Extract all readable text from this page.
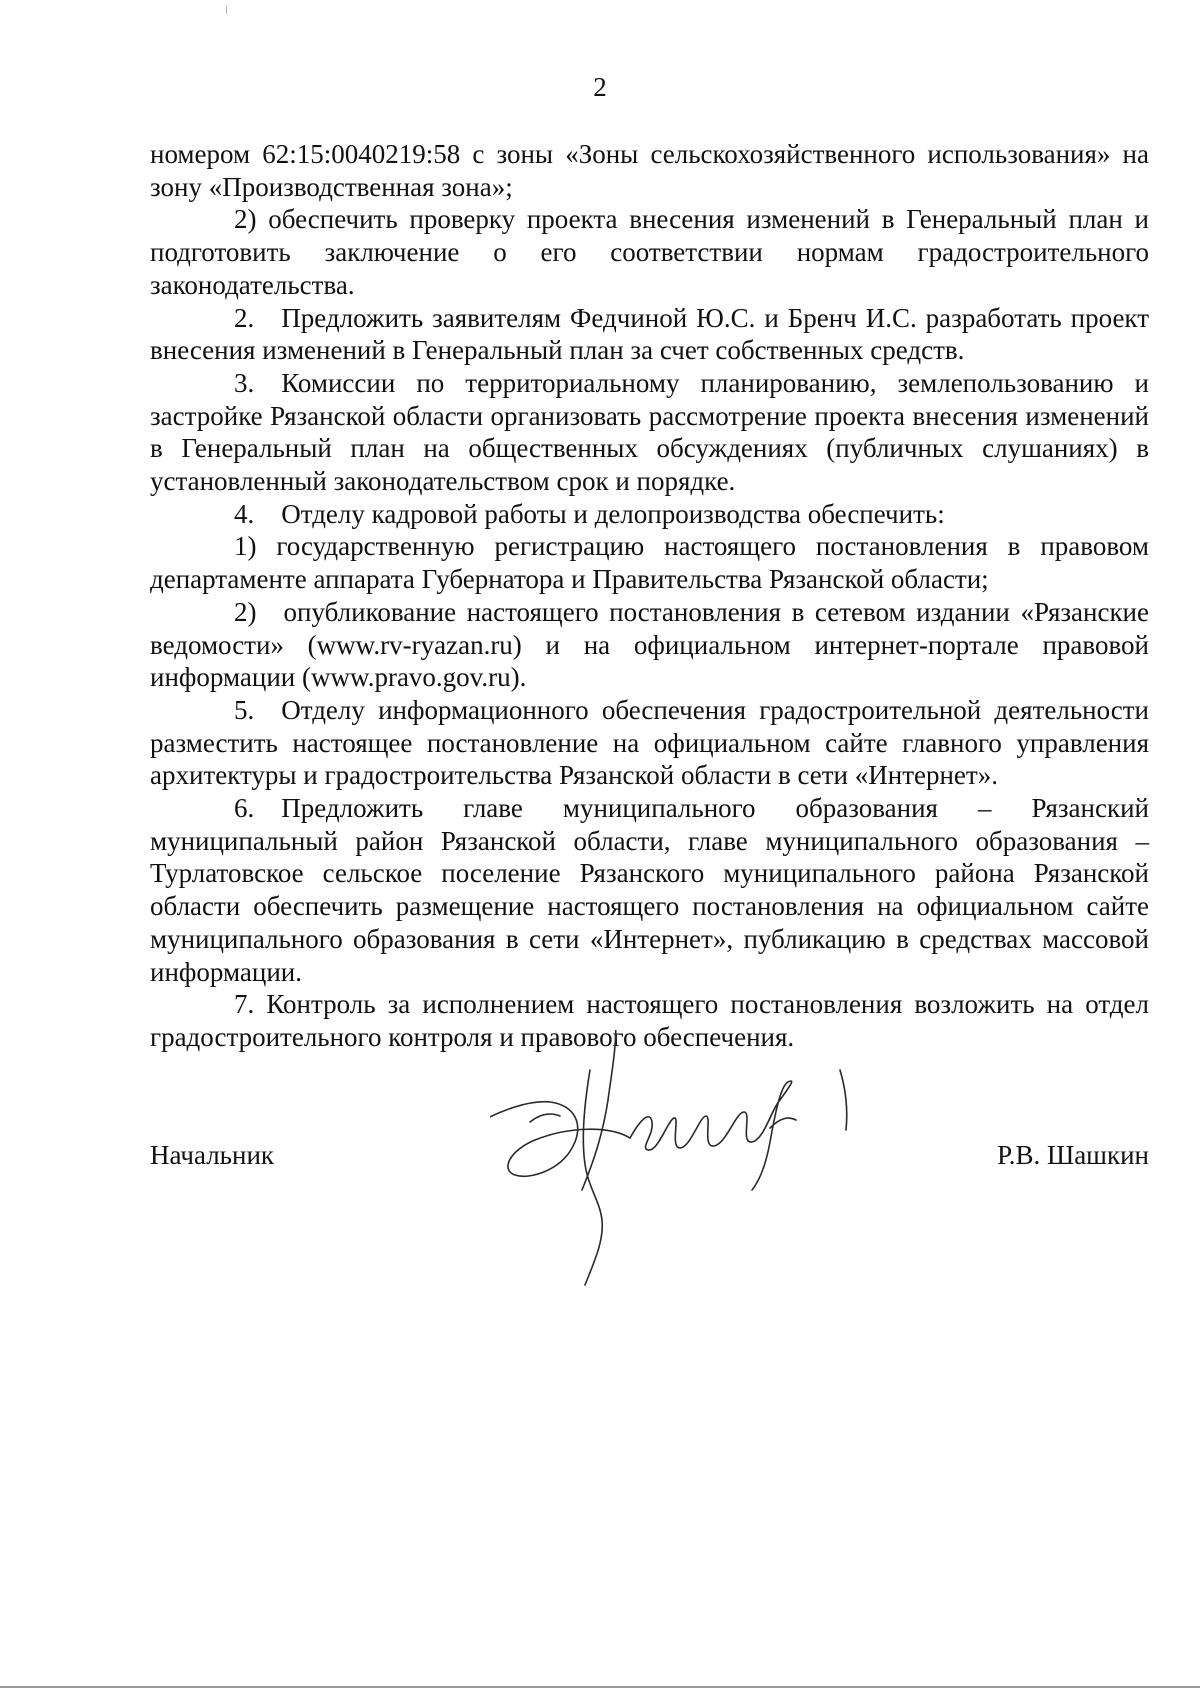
2

номером 62:15:0040219:58 с зоны «Зоны сельскохозяйственного использования» на зону «Производственная зона»;

2) обеспечить проверку проекта внесения изменений в Генеральный план и подготовить заключение о его соответствии нормам градостроительного законодательства.

2. Предложить заявителям Федчиной Ю.С. и Бренч И.С. разработать проект внесения изменений в Генеральный план за счет собственных средств.

3. Комиссии по территориальному планированию, землепользованию и застройке Рязанской области организовать рассмотрение проекта внесения изменений в Генеральный план на общественных обсуждениях (публичных слушаниях) в установленный законодательством срок и порядке.

4. Отделу кадровой работы и делопроизводства обеспечить:

1) государственную регистрацию настоящего постановления в правовом департаменте аппарата Губернатора и Правительства Рязанской области;

2) опубликование настоящего постановления в сетевом издании «Рязанские ведомости» (www.rv-ryazan.ru) и на официальном интернет-портале правовой информации (www.pravo.gov.ru).

5. Отделу информационного обеспечения градостроительной деятельности разместить настоящее постановление на официальном сайте главного управления архитектуры и градостроительства Рязанской области в сети «Интернет».

6. Предложить главе муниципального образования – Рязанский муниципальный район Рязанской области, главе муниципального образования – Турлатовское сельское поселение Рязанского муниципального района Рязанской области обеспечить размещение настоящего постановления на официальном сайте муниципального образования в сети «Интернет», публикацию в средствах массовой информации.

7. Контроль за исполнением настоящего постановления возложить на отдел градостроительного контроля и правового обеспечения.

Начальник	Р.В. Шашкин
